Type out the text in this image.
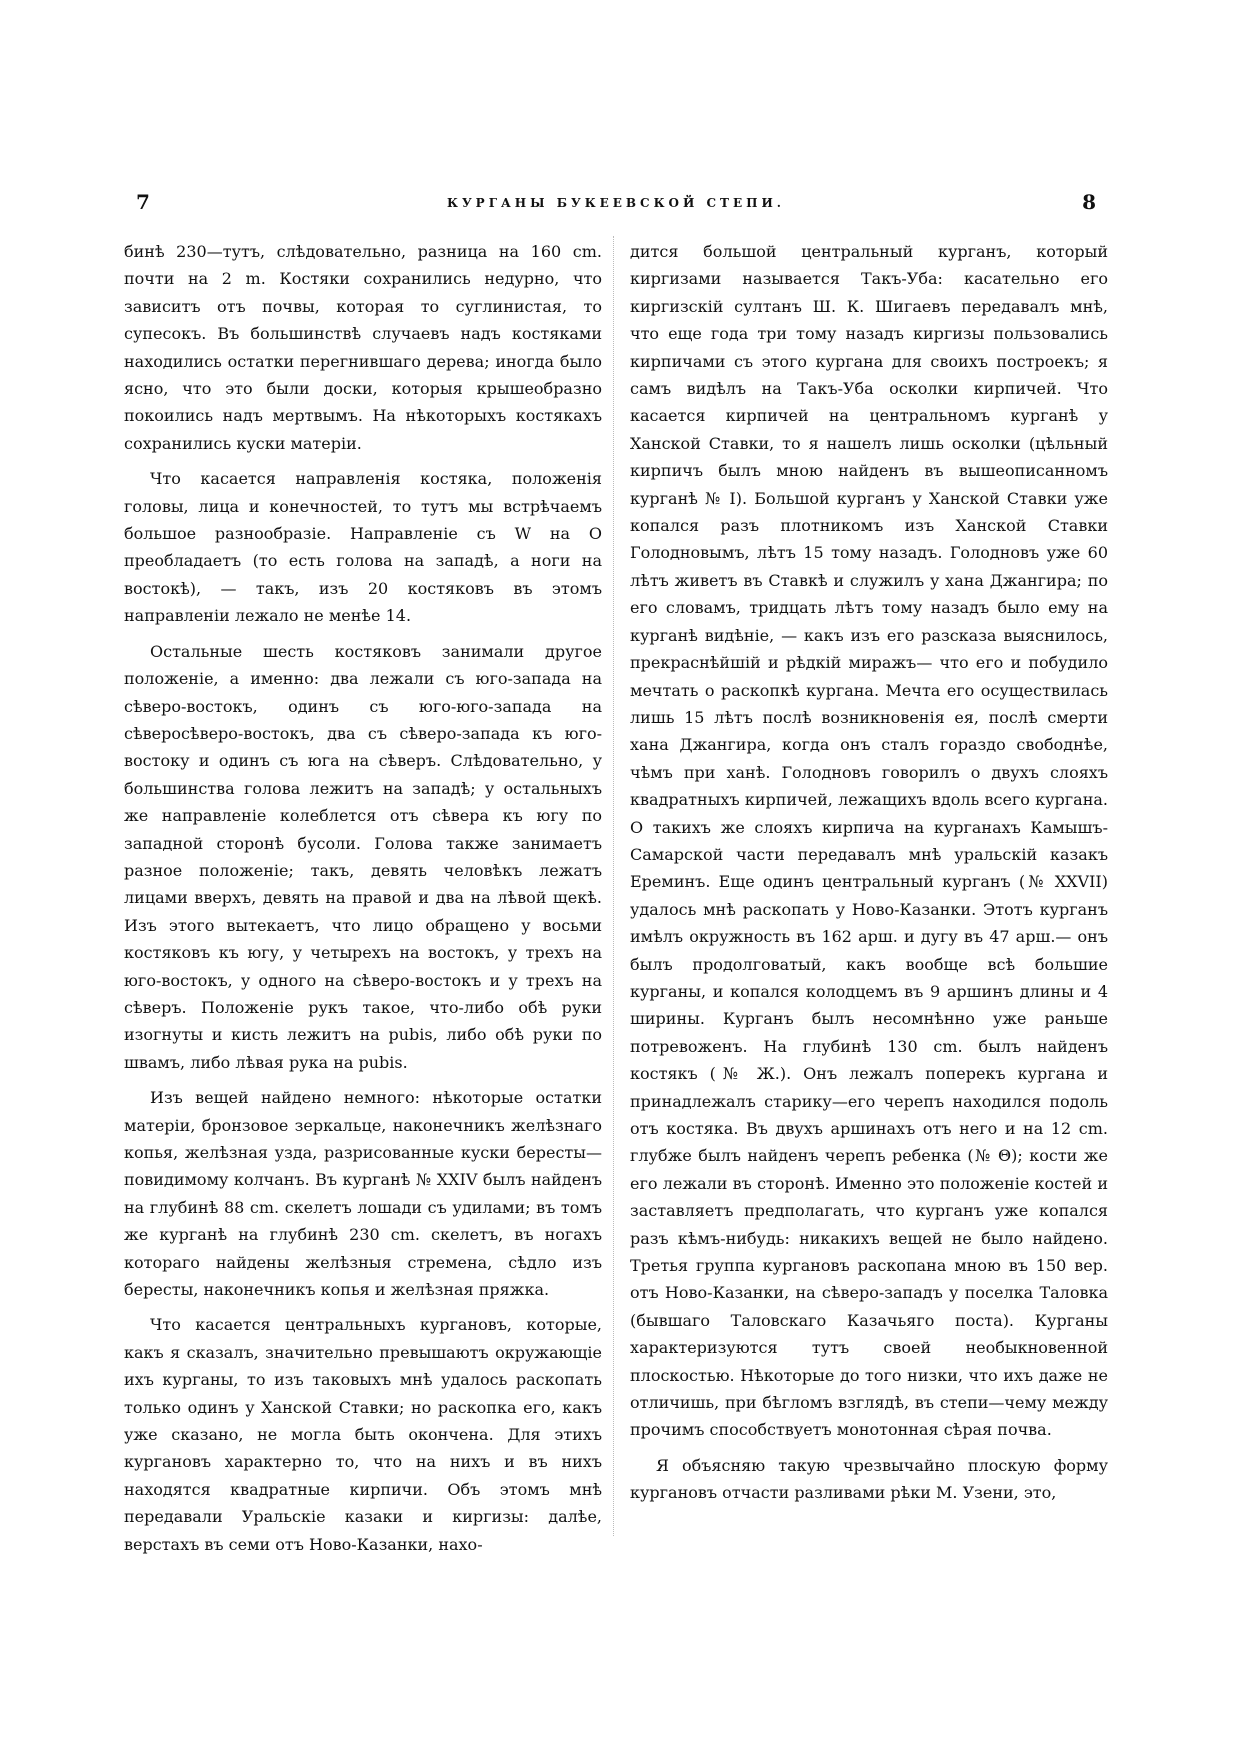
7	КУРГАНЫ БУКЕЕВСКОЙ СТЕПИ.	8

бинѣ 230—тутъ, слѣдовательно, разница на 160 cm. почти на 2 m. Костяки сохранились недурно, что зависитъ отъ почвы, которая то суглинистая, то супесокъ. Въ большинствѣ случаевъ надъ костяками находились остатки перегнившаго дерева; иногда было ясно, что это были доски, которыя крышеобразно покоились надъ мертвымъ. На нѣкоторыхъ костякахъ сохранились куски матеріи.

Что касается направленія костяка, положенія головы, лица и конечностей, то тутъ мы встрѣчаемъ большое разнообразіе. Направленіе съ W на O преобладаетъ (то есть голова на западѣ, а ноги на востокѣ), — такъ, изъ 20 костяковъ въ этомъ направленіи лежало не менѣе 14.

Остальные шесть костяковъ занимали другое положеніе, а именно: два лежали съ юго-запада на сѣверо-востокъ, одинъ съ юго-юго-запада на сѣверосѣверо-востокъ, два съ сѣверо-запада къ юго-востоку и одинъ съ юга на сѣверъ. Слѣдовательно, у большинства голова лежитъ на западѣ; у остальныхъ же направленіе колеблется отъ сѣвера къ югу по западной сторонѣ бусоли. Голова также занимаетъ разное положеніе; такъ, девять человѣкъ лежатъ лицами вверхъ, девять на правой и два на лѣвой щекѣ. Изъ этого вытекаетъ, что лицо обращено у восьми костяковъ къ югу, у четырехъ на востокъ, у трехъ на юго-востокъ, у одного на сѣверо-востокъ и у трехъ на сѣверъ. Положеніе рукъ такое, что-либо обѣ руки изогнуты и кисть лежитъ на pubis, либо обѣ руки по швамъ, либо лѣвая рука на pubis.

Изъ вещей найдено немного: нѣкоторые остатки матеріи, бронзовое зеркальце, наконечникъ желѣзнаго копья, желѣзная узда, разрисованные куски бересты—повидимому колчанъ. Въ курганѣ № XXIV былъ найденъ на глубинѣ 88 cm. скелетъ лошади съ удилами; въ томъ же курганѣ на глубинѣ 230 cm. скелетъ, въ ногахъ котораго найдены желѣзныя стремена, сѣдло изъ бересты, наконечникъ копья и желѣзная пряжка.

Что касается центральныхъ кургановъ, которые, какъ я сказалъ, значительно превышаютъ окружающіе ихъ курганы, то изъ таковыхъ мнѣ удалось раскопать только одинъ у Ханской Ставки; но раскопка его, какъ уже сказано, не могла быть окончена. Для этихъ кургановъ характерно то, что на нихъ и въ нихъ находятся квадратные кирпичи. Объ этомъ мнѣ передавали Уральскіе казаки и киргизы: далѣе, верстахъ въ семи отъ Ново-Казанки, нахо-

дится большой центральный курганъ, который киргизами называется Такъ-Уба: касательно его киргизскій султанъ Ш. К. Шигаевъ передавалъ мнѣ, что еще года три тому назадъ киргизы пользовались кирпичами съ этого кургана для своихъ построекъ; я самъ видѣлъ на Такъ-Уба осколки кирпичей. Что касается кирпичей на центральномъ курганѣ у Ханской Ставки, то я нашелъ лишь осколки (цѣльный кирпичъ былъ мною найденъ въ вышеописанномъ курганѣ № I). Большой курганъ у Ханской Ставки уже копался разъ плотникомъ изъ Ханской Ставки Голодновымъ, лѣтъ 15 тому назадъ. Голодновъ уже 60 лѣтъ живетъ въ Ставкѣ и служилъ у хана Джангира; по его словамъ, тридцать лѣтъ тому назадъ было ему на курганѣ видѣніе, — какъ изъ его разсказа выяснилось, прекраснѣйшій и рѣдкій миражъ— что его и побудило мечтать о раскопкѣ кургана. Мечта его осуществилась лишь 15 лѣтъ послѣ возникновенія ея, послѣ смерти хана Джангира, когда онъ сталъ гораздо свободнѣе, чѣмъ при ханѣ. Голодновъ говорилъ о двухъ слояхъ квадратныхъ кирпичей, лежащихъ вдоль всего кургана. О такихъ же слояхъ кирпича на курганахъ Камышъ-Самарской части передавалъ мнѣ уральскій казакъ Ереминъ. Еще одинъ центральный курганъ (№ XXVII) удалось мнѣ раскопать у Ново-Казанки. Этотъ курганъ имѣлъ окружность въ 162 арш. и дугу въ 47 арш.— онъ былъ продолговатый, какъ вообще всѣ большие курганы, и копался колодцемъ въ 9 аршинъ длины и 4 ширины. Курганъ былъ несомнѣнно уже раньше потревоженъ. На глубинѣ 130 cm. былъ найденъ костякъ (№ Ж.). Онъ лежалъ поперекъ кургана и принадлежалъ старику—его черепъ находился подоль отъ костяка. Въ двухъ аршинахъ отъ него и на 12 cm. глубже былъ найденъ черепъ ребенка (№ Θ); кости же его лежали въ сторонѣ. Именно это положеніе костей и заставляетъ предполагать, что курганъ уже копался разъ кѣмъ-нибудь: никакихъ вещей не было найдено. Третья группа кургановъ раскопана мною въ 150 вер. отъ Ново-Казанки, на сѣверо-западъ у поселка Таловка (бывшаго Таловскаго Казачьяго поста). Курганы характеризуются тутъ своей необыкновенной плоскостью. Нѣкоторые до того низки, что ихъ даже не отличишь, при бѣгломъ взглядѣ, въ степи—чему между прочимъ способствуетъ монотонная сѣрая почва.

Я объясняю такую чрезвычайно плоскую форму кургановъ отчасти разливами рѣки М. Узени, это,
